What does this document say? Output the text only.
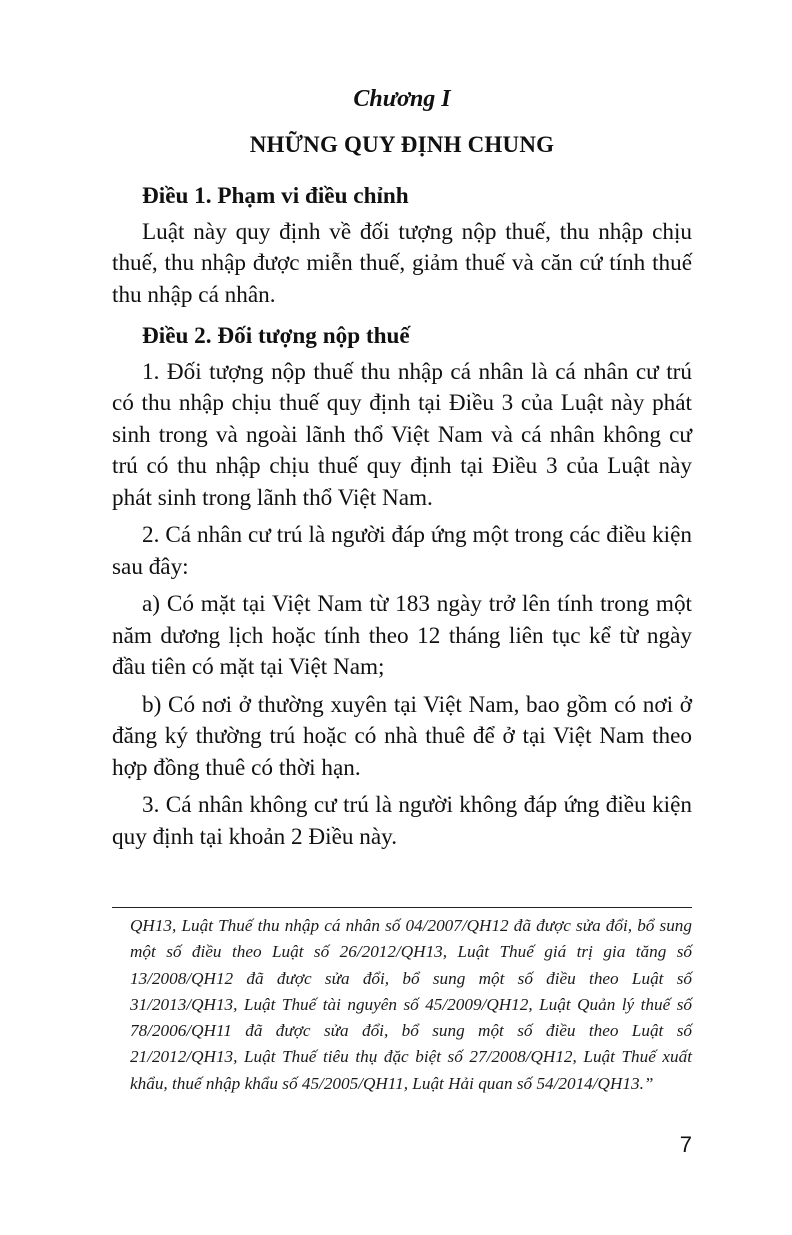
Chương I

NHỮNG QUY ĐỊNH CHUNG

Điều 1. Phạm vi điều chỉnh

Luật này quy định về đối tượng nộp thuế, thu nhập chịu thuế, thu nhập được miễn thuế, giảm thuế và căn cứ tính thuế thu nhập cá nhân.

Điều 2. Đối tượng nộp thuế

1. Đối tượng nộp thuế thu nhập cá nhân là cá nhân cư trú có thu nhập chịu thuế quy định tại Điều 3 của Luật này phát sinh trong và ngoài lãnh thổ Việt Nam và cá nhân không cư trú có thu nhập chịu thuế quy định tại Điều 3 của Luật này phát sinh trong lãnh thổ Việt Nam.

2. Cá nhân cư trú là người đáp ứng một trong các điều kiện sau đây:

a) Có mặt tại Việt Nam từ 183 ngày trở lên tính trong một năm dương lịch hoặc tính theo 12 tháng liên tục kể từ ngày đầu tiên có mặt tại Việt Nam;

b) Có nơi ở thường xuyên tại Việt Nam, bao gồm có nơi ở đăng ký thường trú hoặc có nhà thuê để ở tại Việt Nam theo hợp đồng thuê có thời hạn.

3. Cá nhân không cư trú là người không đáp ứng điều kiện quy định tại khoản 2 Điều này.

QH13, Luật Thuế thu nhập cá nhân số 04/2007/QH12 đã được sửa đổi, bổ sung một số điều theo Luật số 26/2012/QH13, Luật Thuế giá trị gia tăng số 13/2008/QH12 đã được sửa đổi, bổ sung một số điều theo Luật số 31/2013/QH13, Luật Thuế tài nguyên số 45/2009/QH12, Luật Quản lý thuế số 78/2006/QH11 đã được sửa đổi, bổ sung một số điều theo Luật số 21/2012/QH13, Luật Thuế tiêu thụ đặc biệt số 27/2008/QH12, Luật Thuế xuất khẩu, thuế nhập khẩu số 45/2005/QH11, Luật Hải quan số 54/2014/QH13.”

7
